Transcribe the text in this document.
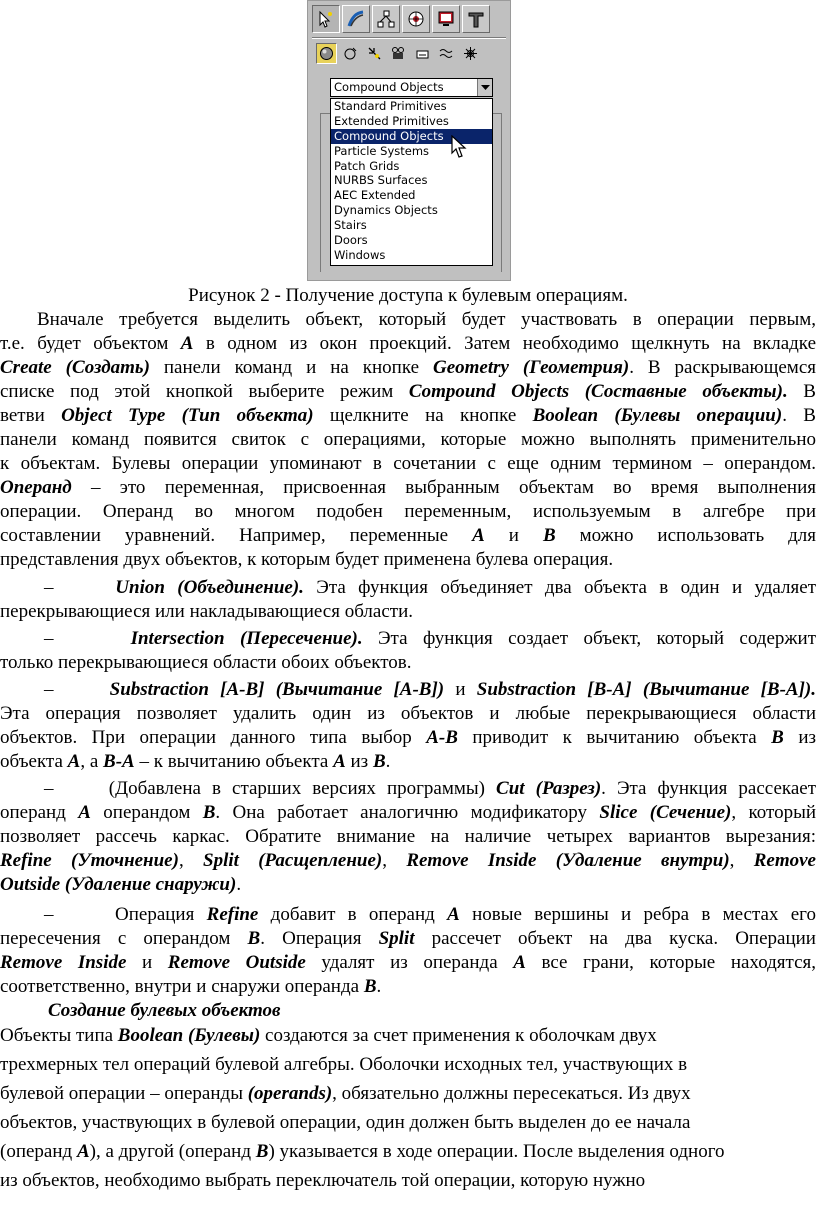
Compound Objects
Standard Primitives
Extended Primitives
Compound Objects
Particle Systems
Patch Grids
NURBS Surfaces
AEC Extended
Dynamics Objects
Stairs
Doors
Windows
Рисунок 2 - Получение доступа к булевым операциям.
Вначале требуется выделить объект, который будет участвовать в операции первым,
т.е. будет объектом A в одном из окон проекций. Затем необходимо щелкнуть на вкладке
Create (Создать) панели команд и на кнопке Geometry (Геометрия). В раскрывающемся
списке под этой кнопкой выберите режим Compound Objects (Составные объекты). В
ветви Object Type (Тип объекта) щелкните на кнопке Boolean (Булевы операции). В
панели команд появится свиток с операциями, которые можно выполнять применительно
к объектам. Булевы операции упоминают в сочетании с еще одним термином – операндом.
Операнд – это переменная, присвоенная выбранным объектам во время выполнения
операции. Операнд во многом подобен переменным, используемым в алгебре при
составлении уравнений. Например, переменные A и B можно использовать для
представления двух объектов, к которым будет применена булева операция.
–	Union (Объединение). Эта функция объединяет два объекта в один и удаляет
перекрывающиеся или накладывающиеся области.
–	Intersection (Пересечение). Эта функция создает объект, который содержит
только перекрывающиеся области обоих объектов.
–	Substraction [A-B] (Вычитание [A-B]) и Substraction [B-A] (Вычитание [B-A]).
Эта операция позволяет удалить один из объектов и любые перекрывающиеся области
объектов. При операции данного типа выбор A-B приводит к вычитанию объекта B из
объекта A, а B-A – к вычитанию объекта A из B.
–	(Добавлена в старших версиях программы) Cut (Разрез). Эта функция рассекает
операнд A операндом B. Она работает аналогичню модификатору Slice (Сечение), который
позволяет рассечь каркас. Обратите внимание на наличие четырех вариантов вырезания:
Refine (Уточнение), Split (Расщепление), Remove Inside (Удаление внутри), Remove
Outside (Удаление снаружи).
–	Операция Refine добавит в операнд A новые вершины и ребра в местах его
пересечения с операндом B. Операция Split рассечет объект на два куска. Операции
Remove Inside и Remove Outside удалят из операнда A все грани, которые находятся,
соответственно, внутри и снаружи операнда B.
Создание булевых объектов
Объекты типа Boolean (Булевы) создаются за счет применения к оболочкам двух
трехмерных тел операций булевой алгебры. Оболочки исходных тел, участвующих в
булевой операции – операнды (operands), обязательно должны пересекаться. Из двух
объектов, участвующих в булевой операции, один должен быть выделен до ее начала
(операнд A), а другой (операнд B) указывается в ходе операции. После выделения одного
из объектов, необходимо выбрать переключатель той операции, которую нужно
